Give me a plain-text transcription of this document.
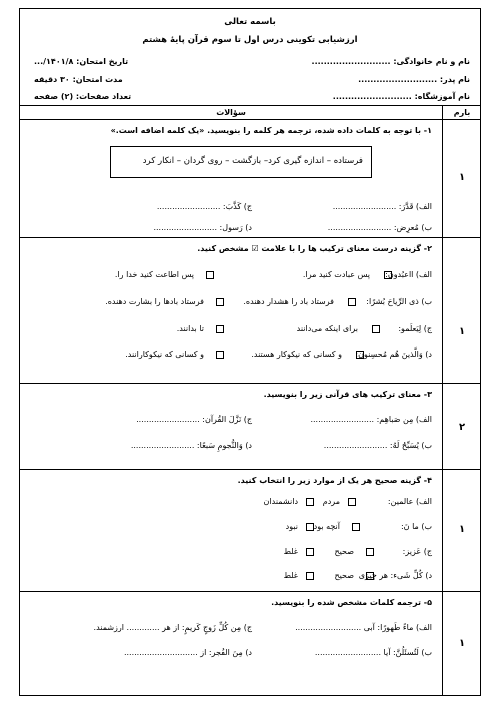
باسمه تعالی
ارزشیابی تکوینی درس اول تا سوم قرآن پایهٔ هشتم
نام و نام خانوادگی: ..........................
تاریخ امتحان: ۱۴۰۱/۸/...
نام پدر: ..........................
مدت امتحان: ۳۰ دقیقه
نام آموزشگاه: ..........................
تعداد صفحات: (۲) صفحه
بارم
سؤالات
۱- با توجه به کلمات داده شده، ترجمه هر کلمه را بنویسید. «یک کلمه اضافه است.»
فرستاده – اندازه گیری کرد– بازگشت – روی گردان – انکار کرد
الف) قَدَّرَ: .........................
ج) کَذَّبَ: .........................
ب) مُعرِض: .........................
د) رَسول: .........................
۱
۲- گزینه درست معنای ترکیب ها را با علامت ☑ مشخص کنید.
الف) ااعبُدون:
پس عبادت کنید مرا.
پس اطاعت کنید خدا را.
ب) ذی الرِّیاحَ بُشرًا:
فرستاد باد را هشدار دهنده.
فرستاد بادها را بشارت دهنده.
ج) لِیَعلَمو:
برای اینکه می‌دانند
تا بدانند.
د) وَالَّذینَ هُم مُحسِنون:
و کسانی که نیکوکار هستند.
و کسانی که نیکوکارانند.
۱
۳- معنای ترکیب های قرآنی زیر را بنویسید.
الف) مِن صَباهِم: .........................
ج) نَزَّلَ القُرآن: .........................
ب) یُسَبِّحُ لَهُ: .........................
د) وَالنُّجومِ سَبعًا: .........................
۲
۴- گزینه صحیح هر یک از موارد زیر را انتخاب کنید.
الف) عالمین:
مردم
دانشمندان
ب) ما نَ:
آنچه بود
نبود
ج) عَزيز:
صحیح
غلط
د) کُلِّ شَیء: هر چیزی
صحیح
غلط
۱
۵- ترجمه کلمات مشخص شده را بنویسید.
الف) ماءً طَهورًا: آبی ..........................
ج) مِن کُلِّ زَوجٍ کَریمٍ: از هر ............. ارزشمند.
ب) لَتُسئَلُنَّ: آیا ..........................
د) مِنَ الفُجر: از .............................
۱
